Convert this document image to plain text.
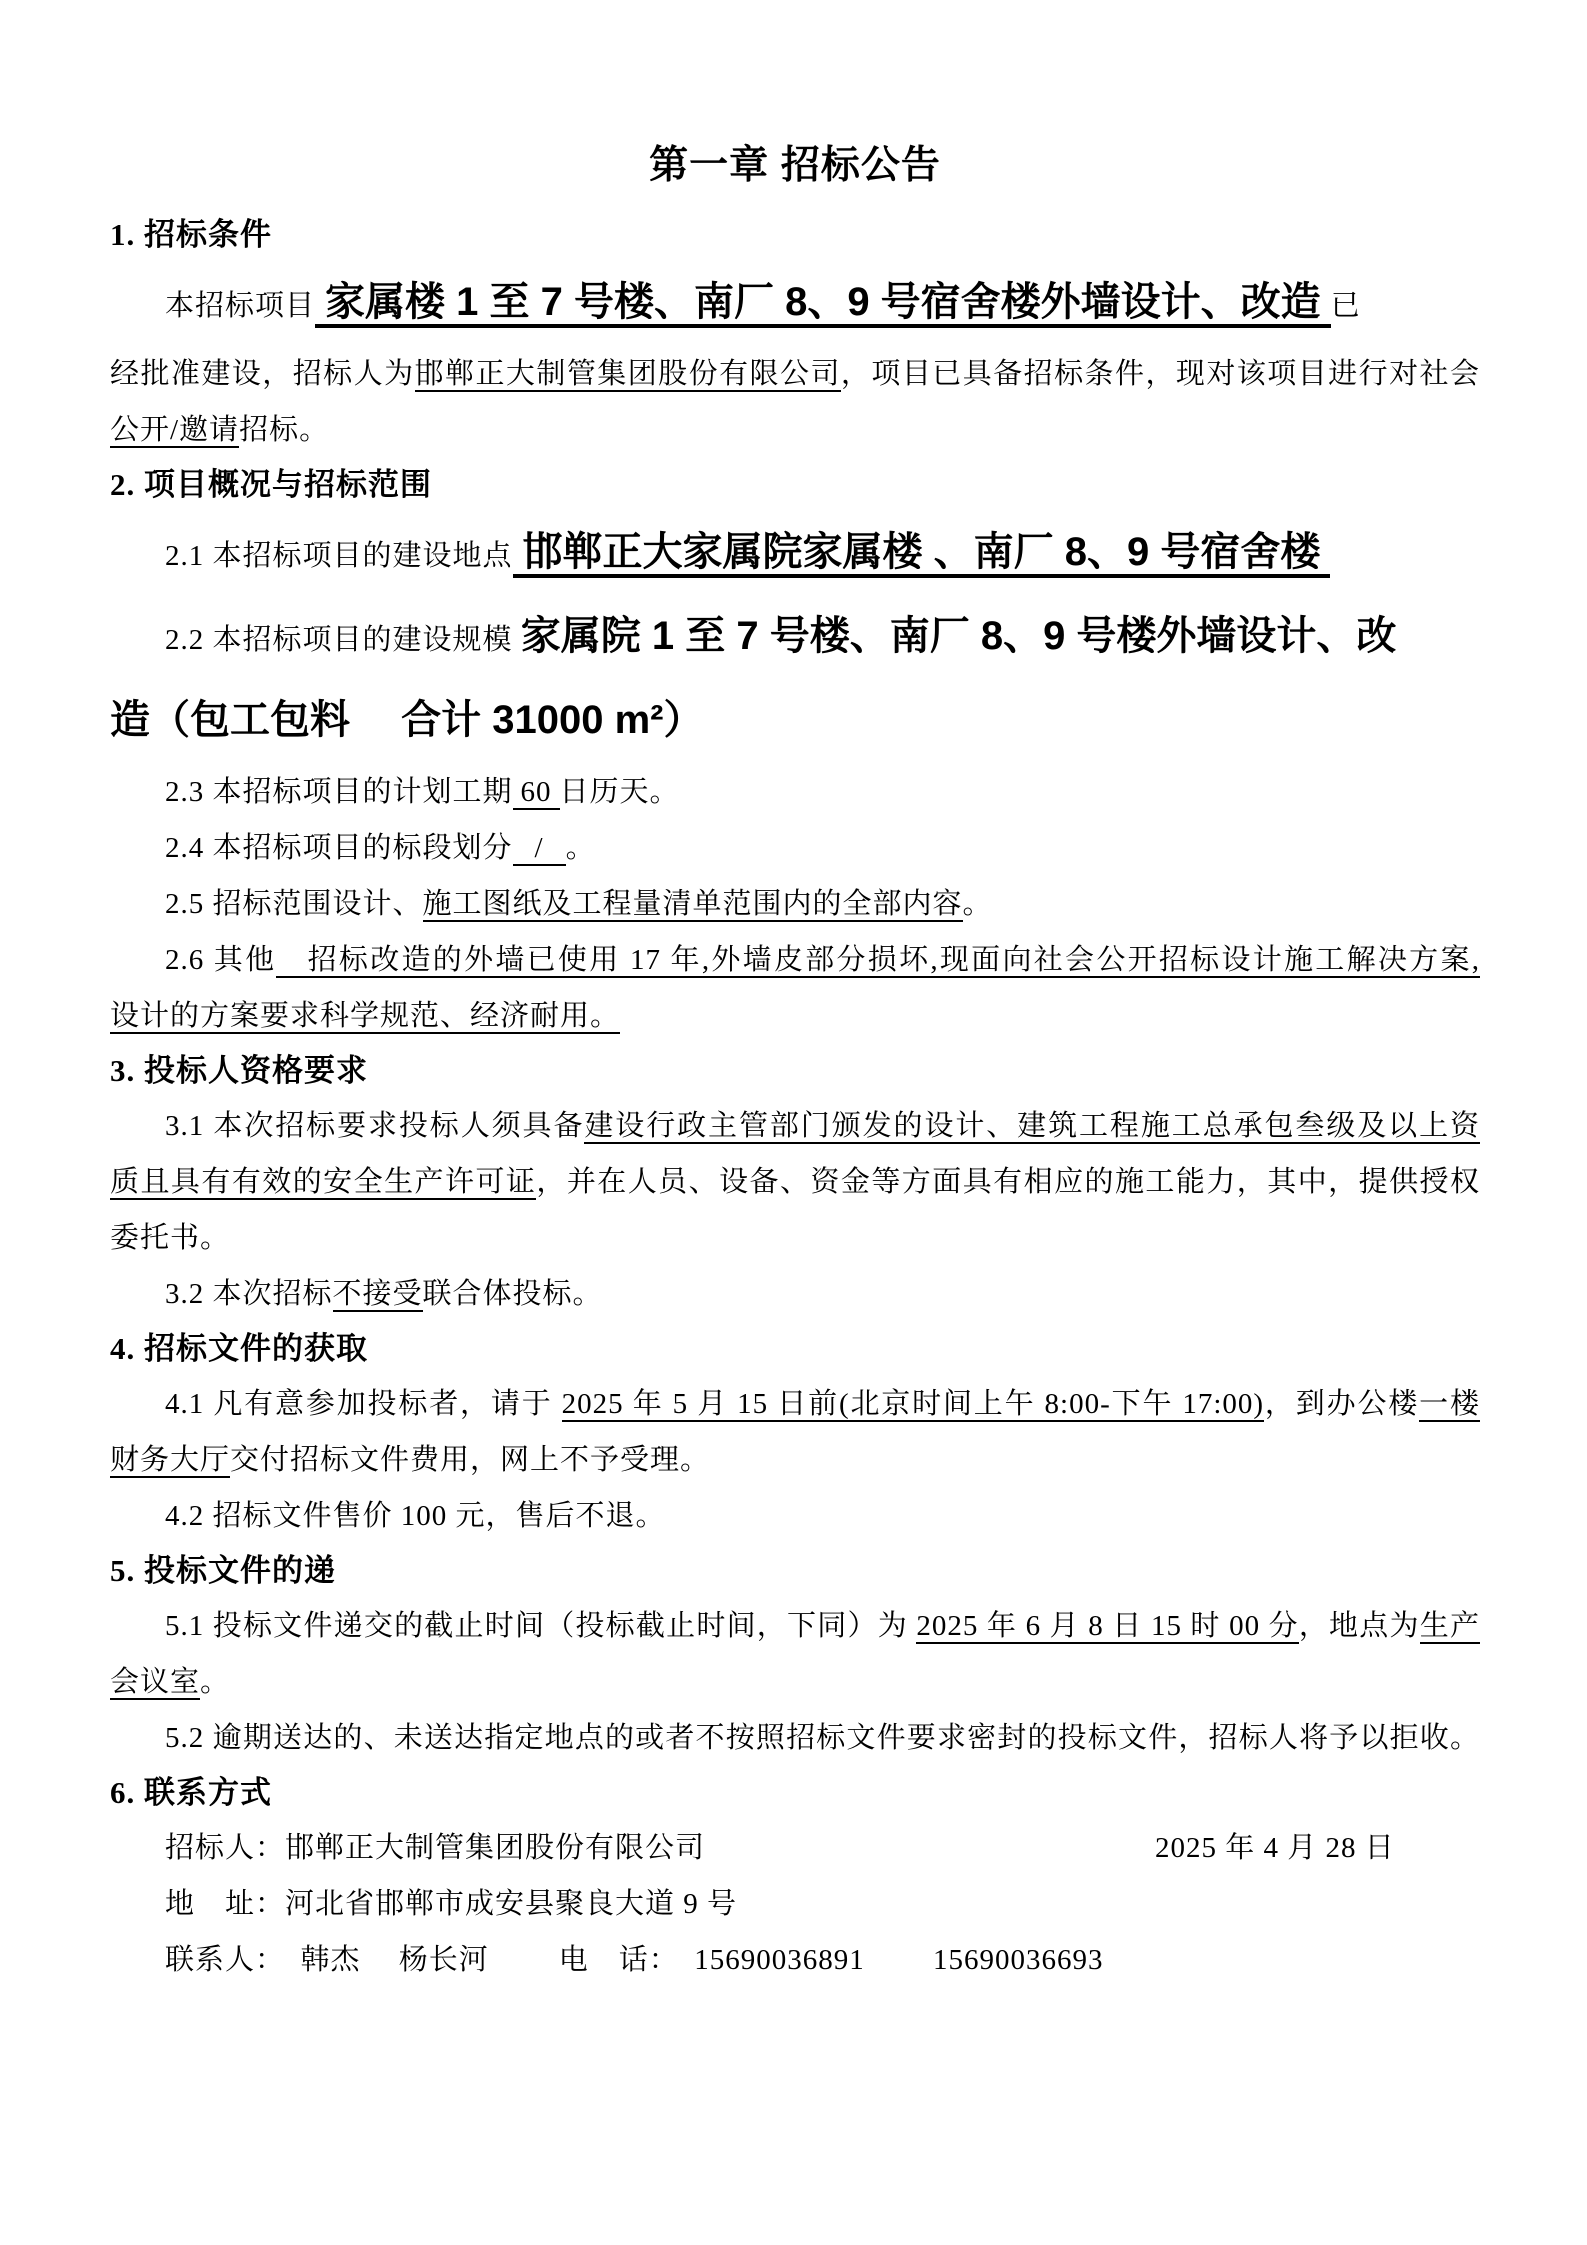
第一章 招标公告
1. 招标条件
本招标项目 家属楼 1 至 7 号楼、南厂 8、9 号宿舍楼外墙设计、改造 已
经批准建设，招标人为邯郸正大制管集团股份有限公司，项目已具备招标条件，现对该项目进行对社会
公开/邀请招标。
2. 项目概况与招标范围
2.1 本招标项目的建设地点 邯郸正大家属院家属楼 、南厂 8、9 号宿舍楼
2.2 本招标项目的建设规模 家属院 1 至 7 号楼、南厂 8、9 号楼外墙设计、改
造（包工包料　 合计 31000 m²）
2.3 本招标项目的计划工期 60 日历天。
2.4 本招标项目的标段划分 / 。
2.5 招标范围设计、施工图纸及工程量清单范围内的全部内容。
2.6 其他　招标改造的外墙已使用 17 年,外墙皮部分损坏,现面向社会公开招标设计施工解决方案,
设计的方案要求科学规范、经济耐用。
3. 投标人资格要求
3.1 本次招标要求投标人须具备建设行政主管部门颁发的设计、建筑工程施工总承包叁级及以上资
质且具有有效的安全生产许可证，并在人员、设备、资金等方面具有相应的施工能力，其中，提供授权
委托书。
3.2 本次招标不接受联合体投标。
4. 招标文件的获取
4.1 凡有意参加投标者，请于 2025 年 5 月 15 日前(北京时间上午 8:00-下午 17:00)，到办公楼一楼
财务大厅交付招标文件费用，网上不予受理。
4.2 招标文件售价 100 元，售后不退。
5. 投标文件的递
5.1 投标文件递交的截止时间（投标截止时间，下同）为 2025 年 6 月 8 日 15 时 00 分，地点为生产
会议室。
5.2 逾期送达的、未送达指定地点的或者不按照招标文件要求密封的投标文件，招标人将予以拒收。
6. 联系方式
招标人：邯郸正大制管集团股份有限公司	2025 年 4 月 28 日
地　址：河北省邯郸市成安县聚良大道 9 号
联系人：　韩杰　 杨长河 电　话：　15690036891　　 15690036693
